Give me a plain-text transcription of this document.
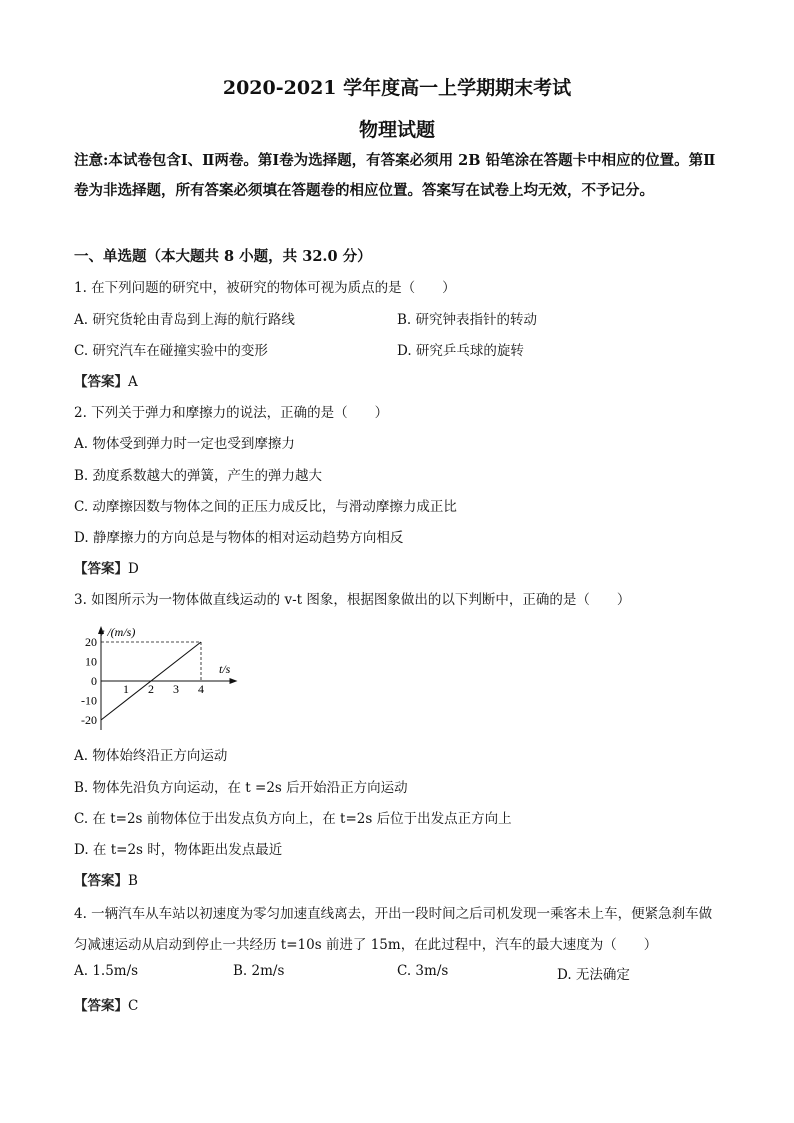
2020-2021 学年度高一上学期期末考试
物理试题
注意:本试卷包含Ⅰ、Ⅱ两卷。第Ⅰ卷为选择题，有答案必须用 2B 铅笔涂在答题卡中相应的位置。第Ⅱ卷为非选择题，所有答案必须填在答题卷的相应位置。答案写在试卷上均无效，不予记分。
一、单选题（本大题共 8 小题，共 32.0 分）
1. 在下列问题的研究中，被研究的物体可视为质点的是（　　）
A. 研究货轮由青岛到上海的航行路线	B. 研究钟表指针的转动
C. 研究汽车在碰撞实验中的变形	D. 研究乒乓球的旋转
【答案】A
2. 下列关于弹力和摩擦力的说法，正确的是（　　）
A. 物体受到弹力时一定也受到摩擦力
B. 劲度系数越大的弹簧，产生的弹力越大
C. 动摩擦因数与物体之间的正压力成反比，与滑动摩擦力成正比
D. 静摩擦力的方向总是与物体的相对运动趋势方向相反
【答案】D
3. 如图所示为一物体做直线运动的 v-t 图象，根据图象做出的以下判断中，正确的是（　　）
v /(m/s)
t/s
20
10
0
-10
-20
1 2 3 4
A. 物体始终沿正方向运动
B. 物体先沿负方向运动，在 t =2s 后开始沿正方向运动
C. 在 t=2s 前物体位于出发点负方向上，在 t=2s 后位于出发点正方向上
D. 在 t=2s 时，物体距出发点最近
【答案】B
4. 一辆汽车从车站以初速度为零匀加速直线离去，开出一段时间之后司机发现一乘客未上车，便紧急刹车做匀减速运动从启动到停止一共经历 t=10s 前进了 15m，在此过程中，汽车的最大速度为（　　）
A. 1.5m/s	B. 2m/s	C. 3m/s	D. 无法确定
【答案】C
